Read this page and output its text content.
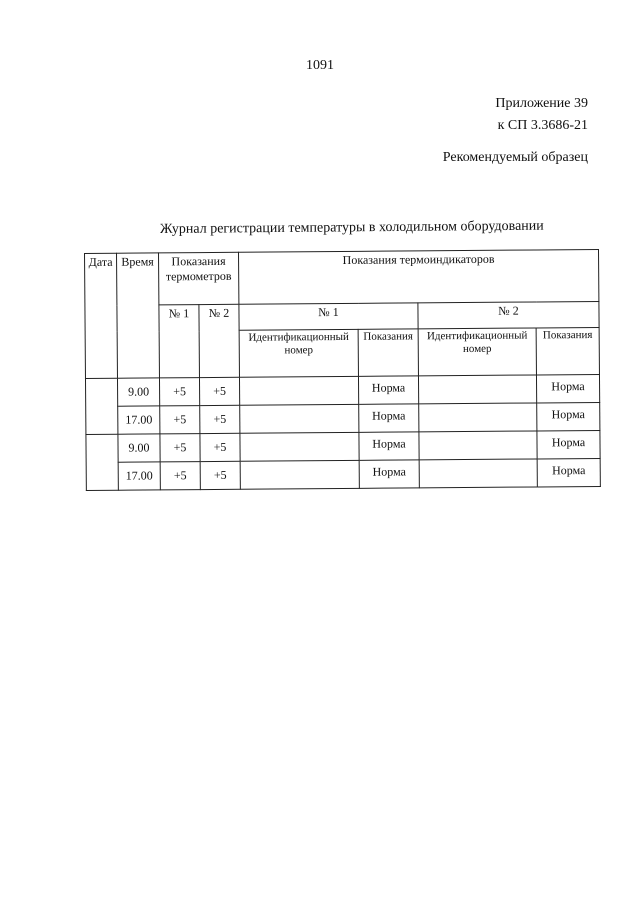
1091
Приложение 39
к СП 3.3686-21
Рекомендуемый образец
Журнал регистрации температуры в холодильном оборудовании
Дата	Время	Показания термометров		Показания термоиндикаторов			
		№ 1	№ 2	№ 1		№ 2	
				Идентификационный номер	Показания	Идентификационный номер	Показания
	9.00	+5	+5		Норма		Норма
	17.00	+5	+5		Норма		Норма
	9.00	+5	+5		Норма		Норма
	17.00	+5	+5		Норма		Норма
